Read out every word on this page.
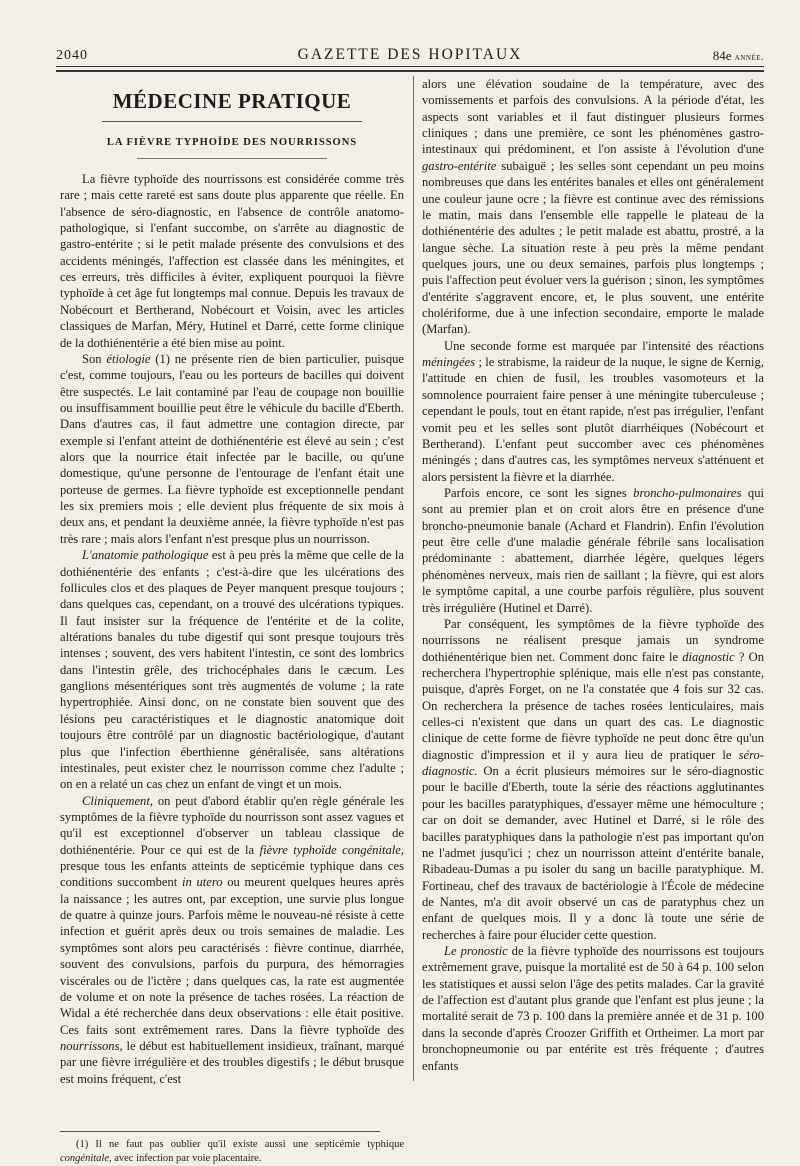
2040	GAZETTE DES HOPITAUX	84e année.
MÉDECINE PRATIQUE
LA FIÈVRE TYPHOÏDE DES NOURRISSONS

La fièvre typhoïde des nourrissons est considérée comme très rare ; mais cette rareté est sans doute plus apparente que réelle. En l'absence de séro-diagnostic, en l'absence de contrôle anatomo-pathologique, si l'enfant succombe, on s'arrête au diagnostic de gastro-entérite ; si le petit malade présente des convulsions et des accidents méningés, l'affection est classée dans les méningites, et ces erreurs, très difficiles à éviter, expliquent pourquoi la fièvre typhoïde à cet âge fut longtemps mal connue. Depuis les travaux de Nobécourt et Bertherand, Nobécourt et Voisin, avec les articles classiques de Marfan, Méry, Hutinel et Darré, cette forme clinique de la dothiénentérie a été bien mise au point.

Son étiologie (1) ne présente rien de bien particulier, puisque c'est, comme toujours, l'eau ou les porteurs de bacilles qui doivent être suspectés. Le lait contaminé par l'eau de coupage non bouillie ou insuffisamment bouillie peut être le véhicule du bacille d'Eberth. Dans d'autres cas, il faut admettre une contagion directe, par exemple si l'enfant atteint de dothiénentérie est élevé au sein ; c'est alors que la nourrice était infectée par le bacille, ou qu'une domestique, qu'une personne de l'entourage de l'enfant était une porteuse de germes. La fièvre typhoïde est exceptionnelle pendant les six premiers mois ; elle devient plus fréquente de six mois à deux ans, et pendant la deuxième année, la fièvre typhoïde n'est pas très rare ; mais alors l'enfant n'est presque plus un nourrisson.

L'anatomie pathologique est à peu près la même que celle de la dothiénentérie des enfants ; c'est-à-dire que les ulcérations des follicules clos et des plaques de Peyer manquent presque toujours ; dans quelques cas, cependant, on a trouvé des ulcérations typiques. Il faut insister sur la fréquence de l'entérite et de la colite, altérations banales du tube digestif qui sont presque toujours très intenses ; souvent, des vers habitent l'intestin, ce sont des lombrics dans l'intestin grêle, des trichocéphales dans le cæcum. Les ganglions mésentériques sont très augmentés de volume ; la rate hypertrophiée. Ainsi donc, on ne constate bien souvent que des lésions peu caractéristiques et le diagnostic anatomique doit toujours être contrôlé par un diagnostic bactériologique, d'autant plus que l'infection éberthienne généralisée, sans altérations intestinales, peut exister chez le nourrisson comme chez l'adulte ; on en a relaté un cas chez un enfant de vingt et un mois.

Cliniquement, on peut d'abord établir qu'en règle générale les symptômes de la fièvre typhoïde du nourrisson sont assez vagues et qu'il est exceptionnel d'observer un tableau classique de dothiénentérie. Pour ce qui est de la fièvre typhoïde congénitale, presque tous les enfants atteints de septicémie typhique dans ces conditions succombent in utero ou meurent quelques heures après la naissance ; les autres ont, par exception, une survie plus longue de quatre à quinze jours. Parfois même le nouveau-né résiste à cette infection et guérit après deux ou trois semaines de maladie. Les symptômes sont alors peu caractérisés : fièvre continue, diarrhée, souvent des convulsions, parfois du purpura, des hémorragies viscérales ou de l'ictère ; dans quelques cas, la rate est augmentée de volume et on note la présence de taches rosées. La réaction de Widal a été recherchée dans deux observations : elle était positive. Ces faits sont extrêmement rares. Dans la fièvre typhoïde des nourrissons, le début est habituellement insidieux, traînant, marqué par une fièvre irrégulière et des troubles digestifs ; le début brusque est moins fréquent, c'est

(1) Il ne faut pas oublier qu'il existe aussi une septicémie typhique congénitale, avec infection par voie placentaire.

alors une élévation soudaine de la température, avec des vomissements et parfois des convulsions. A la période d'état, les aspects sont variables et il faut distinguer plusieurs formes cliniques ; dans une première, ce sont les phénomènes gastro-intestinaux qui prédominent, et l'on assiste à l'évolution d'une gastro-entérite subaiguë ; les selles sont cependant un peu moins nombreuses que dans les entérites banales et elles ont généralement une couleur jaune ocre ; la fièvre est continue avec des rémissions le matin, mais dans l'ensemble elle rappelle le plateau de la dothiénentérie des adultes ; le petit malade est abattu, prostré, a la langue sèche. La situation reste à peu près la même pendant quelques jours, une ou deux semaines, parfois plus longtemps ; puis l'affection peut évoluer vers la guérison ; sinon, les symptômes d'entérite s'aggravent encore, et, le plus souvent, une entérite cholériforme, due à une infection secondaire, emporte le malade (Marfan).

Une seconde forme est marquée par l'intensité des réactions méningées ; le strabisme, la raideur de la nuque, le signe de Kernig, l'attitude en chien de fusil, les troubles vasomoteurs et la somnolence pourraient faire penser à une méningite tuberculeuse ; cependant le pouls, tout en étant rapide, n'est pas irrégulier, l'enfant vomit peu et les selles sont plutôt diarrhéiques (Nobécourt et Bertherand). L'enfant peut succomber avec ces phénomènes méningés ; dans d'autres cas, les symptômes nerveux s'atténuent et alors persistent la fièvre et la diarrhée.

Parfois encore, ce sont les signes broncho-pulmonaires qui sont au premier plan et on croit alors être en présence d'une broncho-pneumonie banale (Achard et Flandrin). Enfin l'évolution peut être celle d'une maladie générale fébrile sans localisation prédominante : abattement, diarrhée légère, quelques légers phénomènes nerveux, mais rien de saillant ; la fièvre, qui est alors le symptôme capital, a une courbe parfois régulière, plus souvent très irrégulière (Hutinel et Darré).

Par conséquent, les symptômes de la fièvre typhoïde des nourrissons ne réalisent presque jamais un syndrome dothiénentérique bien net. Comment donc faire le diagnostic ? On recherchera l'hypertrophie splénique, mais elle n'est pas constante, puisque, d'après Forget, on ne l'a constatée que 4 fois sur 32 cas. On recherchera la présence de taches rosées lenticulaires, mais celles-ci n'existent que dans un quart des cas. Le diagnostic clinique de cette forme de fièvre typhoïde ne peut donc être qu'un diagnostic d'impression et il y aura lieu de pratiquer le séro-diagnostic. On a écrit plusieurs mémoires sur le séro-diagnostic pour le bacille d'Eberth, toute la série des réactions agglutinantes pour les bacilles paratyphiques, d'essayer même une hémoculture ; car on doit se demander, avec Hutinel et Darré, si le rôle des bacilles paratyphiques dans la pathologie n'est pas important qu'on ne l'admet jusqu'ici ; chez un nourrisson atteint d'entérite banale, Ribadeau-Dumas a pu isoler du sang un bacille paratyphique. M. Fortineau, chef des travaux de bactériologie à l'École de médecine de Nantes, m'a dit avoir observé un cas de paratyphus chez un enfant de quelques mois. Il y a donc là toute une série de recherches à faire pour élucider cette question.

Le pronostic de la fièvre typhoïde des nourrissons est toujours extrêmement grave, puisque la mortalité est de 50 à 64 p. 100 selon les statistiques et aussi selon l'âge des petits malades. Car la gravité de l'affection est d'autant plus grande que l'enfant est plus jeune ; la mortalité serait de 73 p. 100 dans la première année et de 31 p. 100 dans la seconde d'après Croozer Griffith et Ortheimer. La mort par bronchopneumonie ou par entérite est très fréquente ; d'autres enfants
